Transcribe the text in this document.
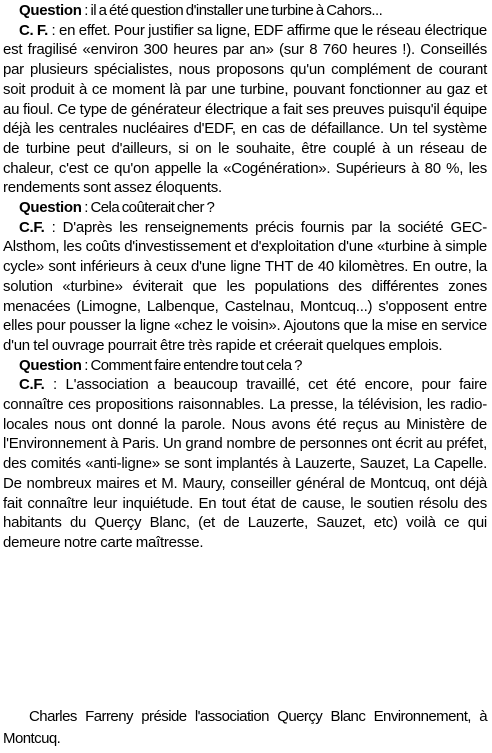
Question : il a été question d'installer une turbine à Cahors...

C. F. : en effet. Pour justifier sa ligne, EDF affirme que le réseau électrique est fragilisé «environ 300 heures par an» (sur 8 760 heures !). Conseillés par plusieurs spécialistes, nous proposons qu'un complément de courant soit produit à ce moment là par une turbine, pouvant fonctionner au gaz et au fioul. Ce type de générateur électrique a fait ses preuves puisqu'il équipe déjà les centrales nucléaires d'EDF, en cas de défaillance. Un tel système de turbine peut d'ailleurs, si on le souhaite, être couplé à un réseau de chaleur, c'est ce qu'on appelle la «Cogénération». Supérieurs à 80 %, les rendements sont assez éloquents.

Question : Cela coûterait cher ?

C.F. : D'après les renseignements précis fournis par la société GEC-Alsthom, les coûts d'investissement et d'exploitation d'une «turbine à simple cycle» sont inférieurs à ceux d'une ligne THT de 40 kilomètres. En outre, la solution «turbine» éviterait que les populations des différentes zones menacées (Limogne, Lalbenque, Castelnau, Montcuq...) s'opposent entre elles pour pousser la ligne «chez le voisin». Ajoutons que la mise en service d'un tel ouvrage pourrait être très rapide et créerait quelques emplois.

Question : Comment faire entendre tout cela ?

C.F. : L'association a beaucoup travaillé, cet été encore, pour faire connaître ces propositions raisonnables. La presse, la télévision, les radio-locales nous ont donné la parole. Nous avons été reçus au Ministère de l'Environnement à Paris. Un grand nombre de personnes ont écrit au préfet, des comités «anti-ligne» se sont implantés à Lauzerte, Sauzet, La Capelle. De nombreux maires et M. Maury, conseiller général de Montcuq, ont déjà fait connaître leur inquiétude. En tout état de cause, le soutien résolu des habitants du Querçy Blanc, (et de Lauzerte, Sauzet, etc) voilà ce qui demeure notre carte maîtresse.

Charles Farreny préside l'association Querçy Blanc Environnement, à Montcuq.
